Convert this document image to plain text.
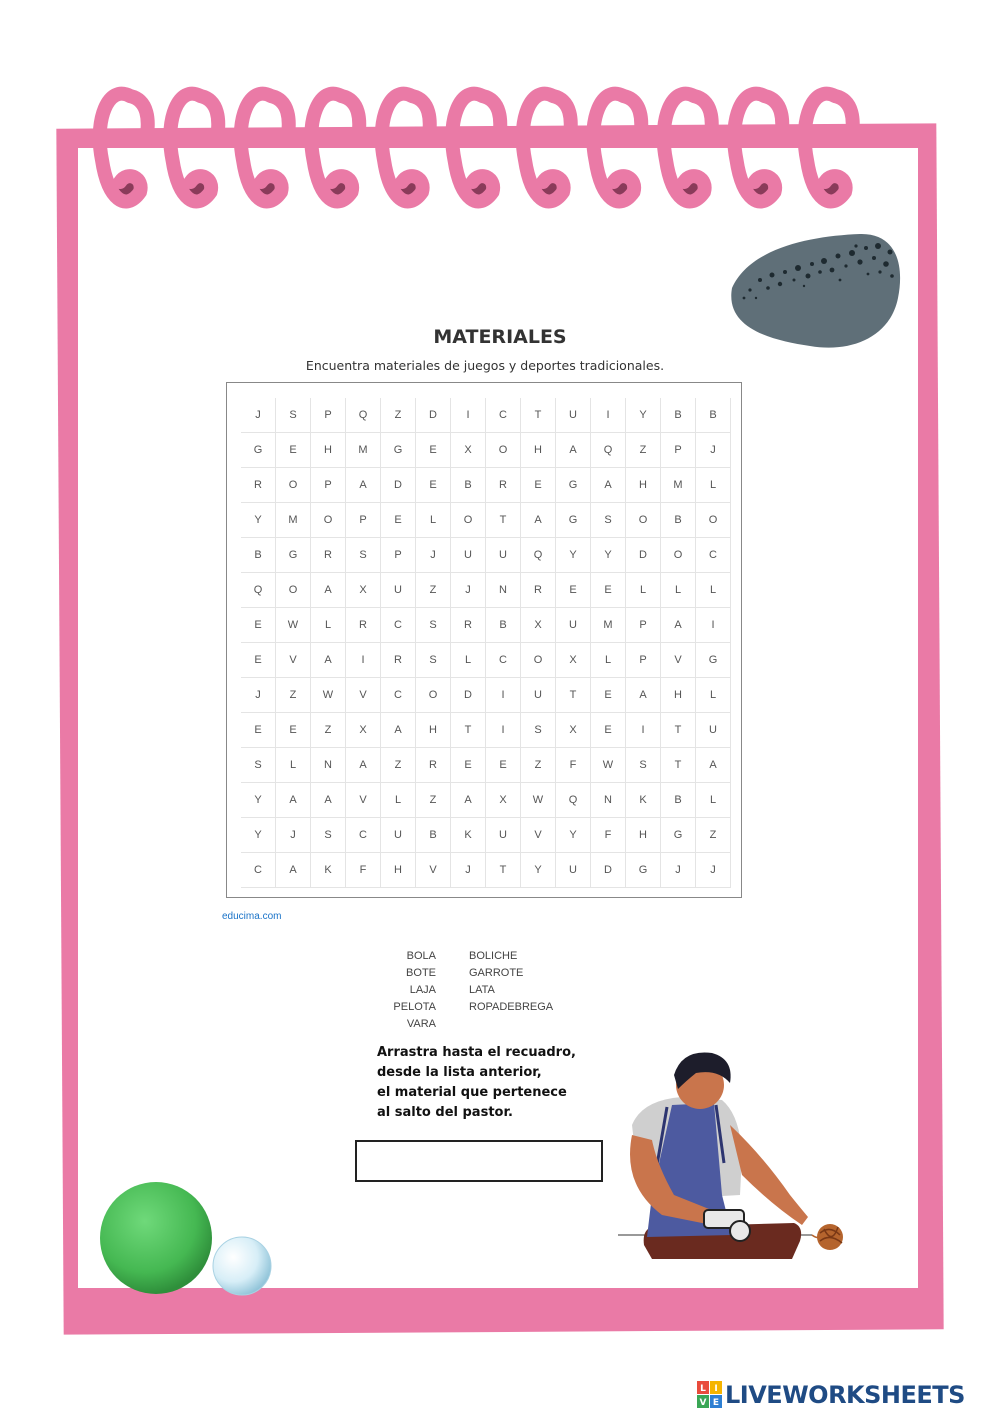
MATERIALES
Encuentra materiales de juegos y deportes tradicionales.
J	S	P	Q	Z	D	I	C	T	U	I	Y	B	B
G	E	H	M	G	E	X	O	H	A	Q	Z	P	J
R	O	P	A	D	E	B	R	E	G	A	H	M	L
Y	M	O	P	E	L	O	T	A	G	S	O	B	O
B	G	R	S	P	J	U	U	Q	Y	Y	D	O	C
Q	O	A	X	U	Z	J	N	R	E	E	L	L	L
E	W	L	R	C	S	R	B	X	U	M	P	A	I
E	V	A	I	R	S	L	C	O	X	L	P	V	G
J	Z	W	V	C	O	D	I	U	T	E	A	H	L
E	E	Z	X	A	H	T	I	S	X	E	I	T	U
S	L	N	A	Z	R	E	E	Z	F	W	S	T	A
Y	A	A	V	L	Z	A	X	W	Q	N	K	B	L
Y	J	S	C	U	B	K	U	V	Y	F	H	G	Z
C	A	K	F	H	V	J	T	Y	U	D	G	J	J
educima.com
BOLA
BOTE
LAJA
PELOTA
VARA
BOLICHE
GARROTE
LATA
ROPADEBREGA
Arrastra hasta el recuadro,
desde la lista anterior,
el material que pertenece
al salto del pastor.
L I
V E LIVEWORKSHEETS
